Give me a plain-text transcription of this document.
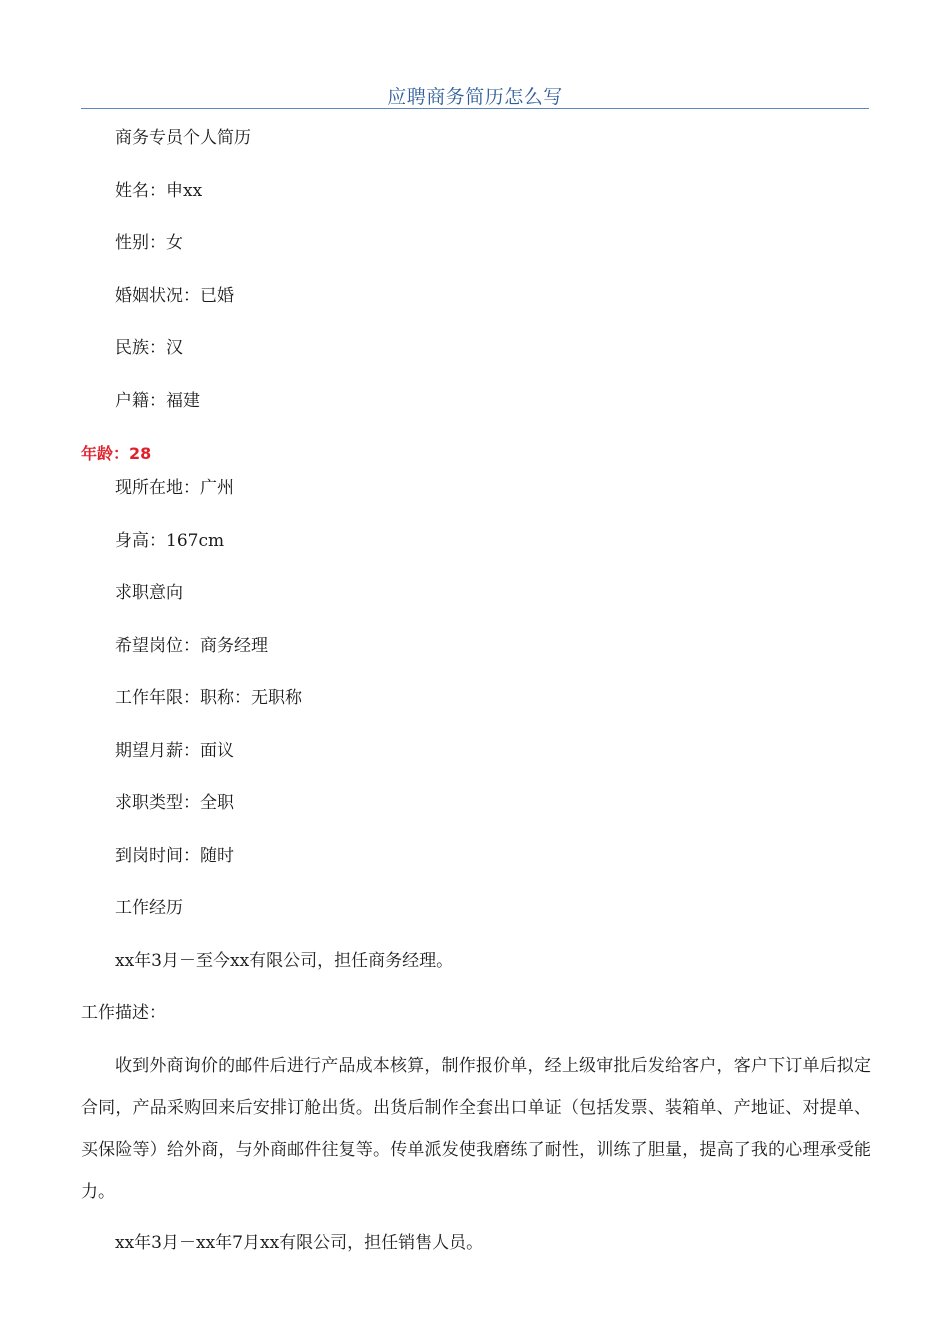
应聘商务简历怎么写
商务专员个人简历
姓名：申xx
性别：女
婚姻状况：已婚
民族：汉
户籍：福建
年龄：28
现所在地：广州
身高：167cm
求职意向
希望岗位：商务经理
工作年限：职称：无职称
期望月薪：面议
求职类型：全职
到岗时间：随时
工作经历
xx年3月－至今xx有限公司，担任商务经理。
工作描述：
收到外商询价的邮件后进行产品成本核算，制作报价单，经上级审批后发给客户，客户下订单后拟定合同，产品采购回来后安排订舱出货。出货后制作全套出口单证（包括发票、装箱单、产地证、对提单、买保险等）给外商，与外商邮件往复等。传单派发使我磨练了耐性，训练了胆量，提高了我的心理承受能力。
xx年3月－xx年7月xx有限公司，担任销售人员。
